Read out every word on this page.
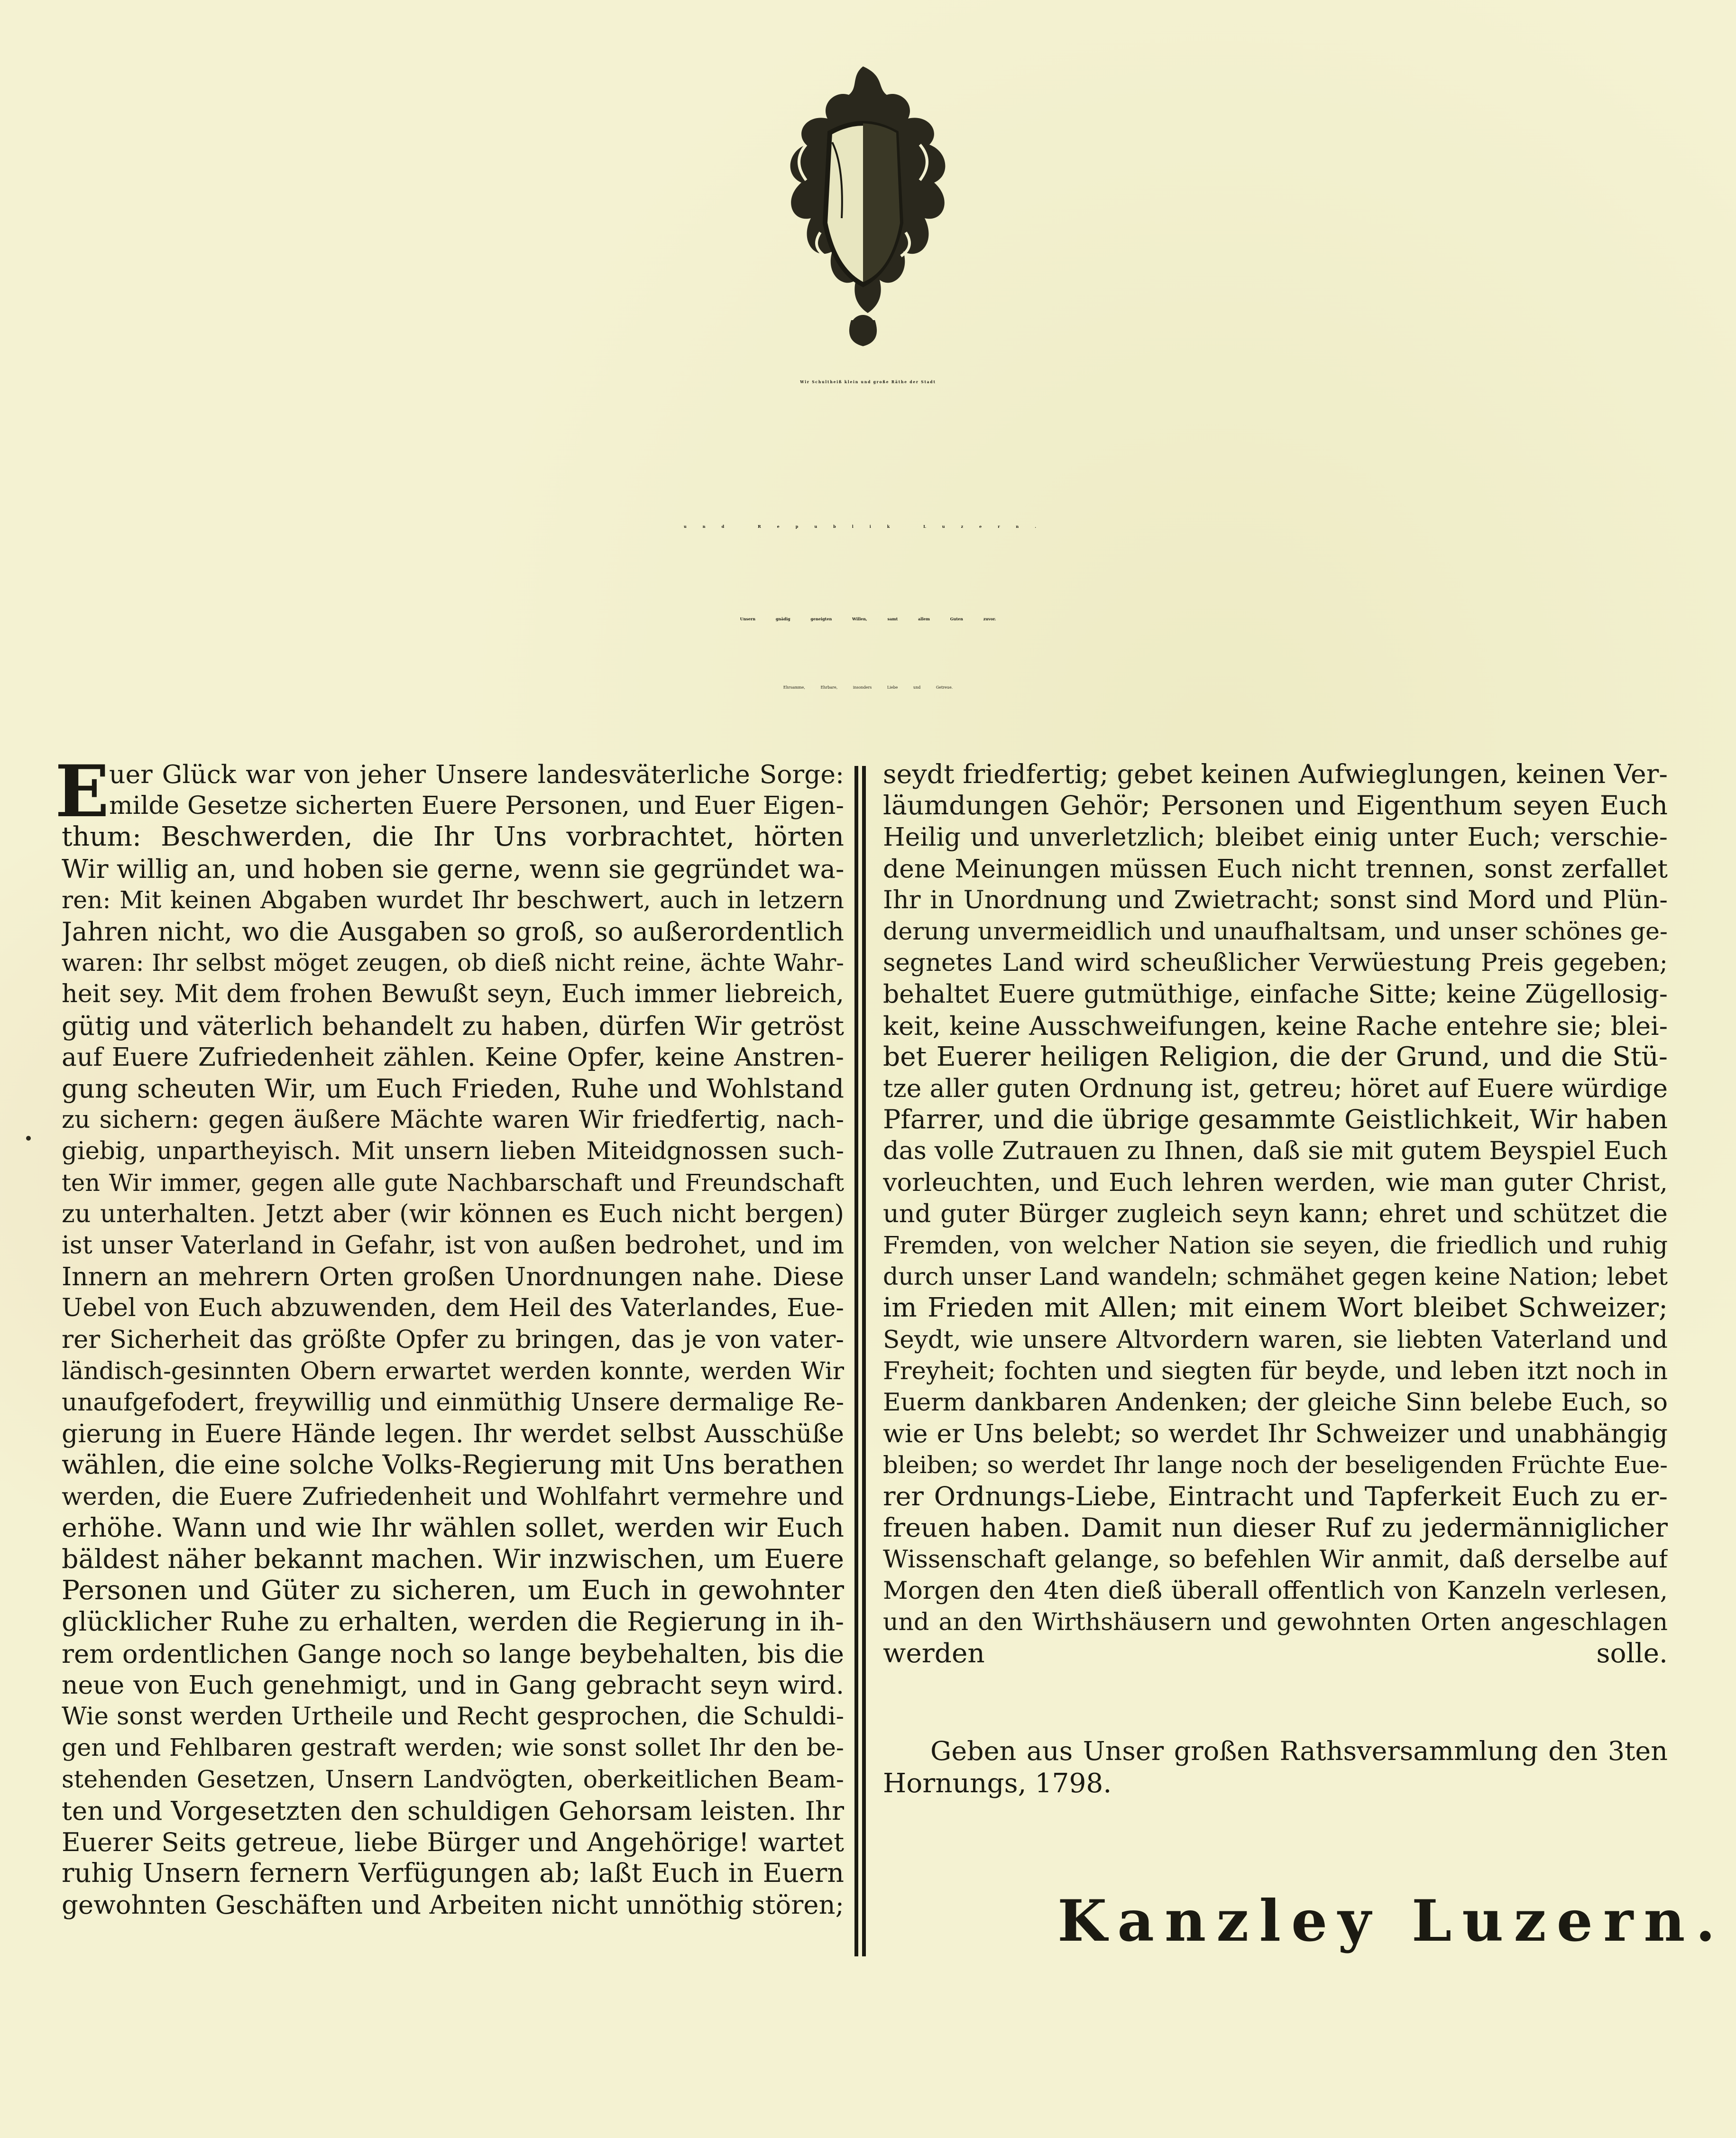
Wir Schultheiß klein und große Räthe der Stadt
und Republik Luzern.
Unsern gnädig geneigten Willen, samt allem Guten zuvor.
Ehrsamme, Ehrbare, insonders Liebe und Getreue.
E uer Glück war von jeher Unsere landesväterliche Sorge:
milde Gesetze sicherten Euere Personen, und Euer Eigen-
thum: Beschwerden, die Ihr Uns vorbrachtet, hörten
Wir willig an, und hoben sie gerne, wenn sie gegründet wa-
ren: Mit keinen Abgaben wurdet Ihr beschwert, auch in letzern
Jahren nicht, wo die Ausgaben so groß, so außerordentlich
waren: Ihr selbst möget zeugen, ob dieß nicht reine, ächte Wahr-
heit sey. Mit dem frohen Bewußt seyn, Euch immer liebreich,
gütig und väterlich behandelt zu haben, dürfen Wir getröst
auf Euere Zufriedenheit zählen. Keine Opfer, keine Anstren-
gung scheuten Wir, um Euch Frieden, Ruhe und Wohlstand
zu sichern: gegen äußere Mächte waren Wir friedfertig, nach-
giebig, unpartheyisch. Mit unsern lieben Miteidgnossen such-
ten Wir immer, gegen alle gute Nachbarschaft und Freundschaft
zu unterhalten. Jetzt aber (wir können es Euch nicht bergen)
ist unser Vaterland in Gefahr, ist von außen bedrohet, und im
Innern an mehrern Orten großen Unordnungen nahe. Diese
Uebel von Euch abzuwenden, dem Heil des Vaterlandes, Eue-
rer Sicherheit das größte Opfer zu bringen, das je von vater-
ländisch-gesinnten Obern erwartet werden konnte, werden Wir
unaufgefodert, freywillig und einmüthig Unsere dermalige Re-
gierung in Euere Hände legen. Ihr werdet selbst Ausschüße
wählen, die eine solche Volks-Regierung mit Uns berathen
werden, die Euere Zufriedenheit und Wohlfahrt vermehre und
erhöhe. Wann und wie Ihr wählen sollet, werden wir Euch
bäldest näher bekannt machen. Wir inzwischen, um Euere
Personen und Güter zu sicheren, um Euch in gewohnter
glücklicher Ruhe zu erhalten, werden die Regierung in ih-
rem ordentlichen Gange noch so lange beybehalten, bis die
neue von Euch genehmigt, und in Gang gebracht seyn wird.
Wie sonst werden Urtheile und Recht gesprochen, die Schuldi-
gen und Fehlbaren gestraft werden; wie sonst sollet Ihr den be-
stehenden Gesetzen, Unsern Landvögten, oberkeitlichen Beam-
ten und Vorgesetzten den schuldigen Gehorsam leisten. Ihr
Euerer Seits getreue, liebe Bürger und Angehörige! wartet
ruhig Unsern fernern Verfügungen ab; laßt Euch in Euern
gewohnten Geschäften und Arbeiten nicht unnöthig stören;
seydt friedfertig; gebet keinen Aufwieglungen, keinen Ver-
läumdungen Gehör; Personen und Eigenthum seyen Euch
Heilig und unverletzlich; bleibet einig unter Euch; verschie-
dene Meinungen müssen Euch nicht trennen, sonst zerfallet
Ihr in Unordnung und Zwietracht; sonst sind Mord und Plün-
derung unvermeidlich und unaufhaltsam, und unser schönes ge-
segnetes Land wird scheußlicher Verwüestung Preis gegeben;
behaltet Euere gutmüthige, einfache Sitte; keine Zügellosig-
keit, keine Ausschweifungen, keine Rache entehre sie; blei-
bet Euerer heiligen Religion, die der Grund, und die Stü-
tze aller guten Ordnung ist, getreu; höret auf Euere würdige
Pfarrer, und die übrige gesammte Geistlichkeit, Wir haben
das volle Zutrauen zu Ihnen, daß sie mit gutem Beyspiel Euch
vorleuchten, und Euch lehren werden, wie man guter Christ,
und guter Bürger zugleich seyn kann; ehret und schützet die
Fremden, von welcher Nation sie seyen, die friedlich und ruhig
durch unser Land wandeln; schmähet gegen keine Nation; lebet
im Frieden mit Allen; mit einem Wort bleibet Schweizer;
Seydt, wie unsere Altvordern waren, sie liebten Vaterland und
Freyheit; fochten und siegten für beyde, und leben itzt noch in
Euerm dankbaren Andenken; der gleiche Sinn belebe Euch, so
wie er Uns belebt; so werdet Ihr Schweizer und unabhängig
bleiben; so werdet Ihr lange noch der beseligenden Früchte Eue-
rer Ordnungs-Liebe, Eintracht und Tapferkeit Euch zu er-
freuen haben. Damit nun dieser Ruf zu jedermänniglicher
Wissenschaft gelange, so befehlen Wir anmit, daß derselbe auf
Morgen den 4ten dieß überall offentlich von Kanzeln verlesen,
und an den Wirthshäusern und gewohnten Orten angeschlagen
werden solle.
Geben aus Unser großen Rathsversammlung den 3ten
Hornungs, 1798.
Kanzley Luzern.
